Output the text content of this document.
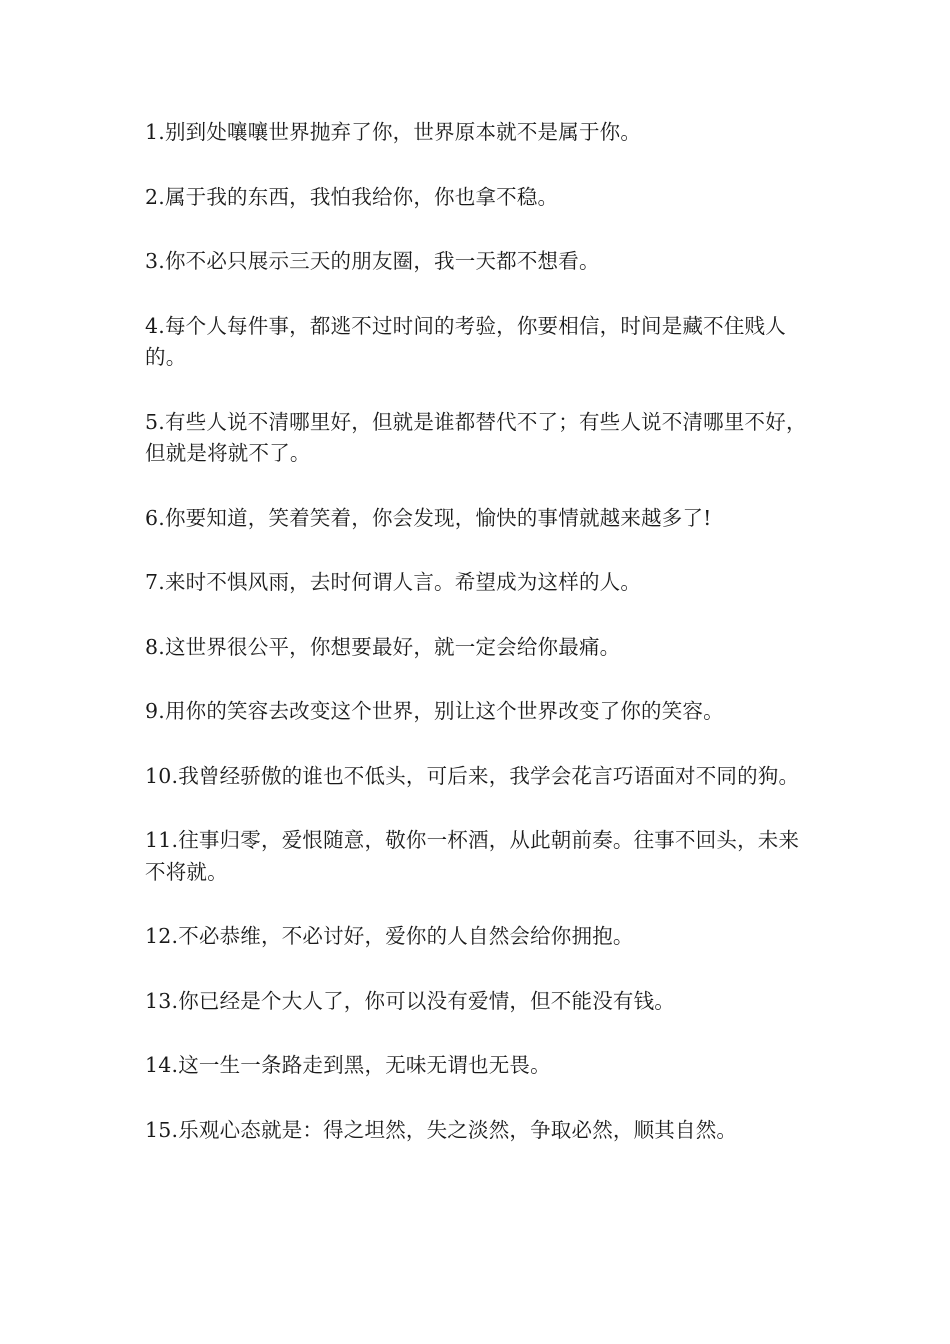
1.别到处嚷嚷世界抛弃了你，世界原本就不是属于你。

2.属于我的东西，我怕我给你，你也拿不稳。

3.你不必只展示三天的朋友圈，我一天都不想看。

4.每个人每件事，都逃不过时间的考验，你要相信，时间是藏不住贱人的。

5.有些人说不清哪里好，但就是谁都替代不了；有些人说不清哪里不好，但就是将就不了。

6.你要知道，笑着笑着，你会发现，愉快的事情就越来越多了!

7.来时不惧风雨，去时何谓人言。希望成为这样的人。

8.这世界很公平，你想要最好，就一定会给你最痛。

9.用你的笑容去改变这个世界，别让这个世界改变了你的笑容。

10.我曾经骄傲的谁也不低头，可后来，我学会花言巧语面对不同的狗。

11.往事归零，爱恨随意，敬你一杯酒，从此朝前奏。往事不回头，未来不将就。

12.不必恭维，不必讨好，爱你的人自然会给你拥抱。

13.你已经是个大人了，你可以没有爱情，但不能没有钱。

14.这一生一条路走到黑，无味无谓也无畏。

15.乐观心态就是：得之坦然，失之淡然，争取必然，顺其自然。
